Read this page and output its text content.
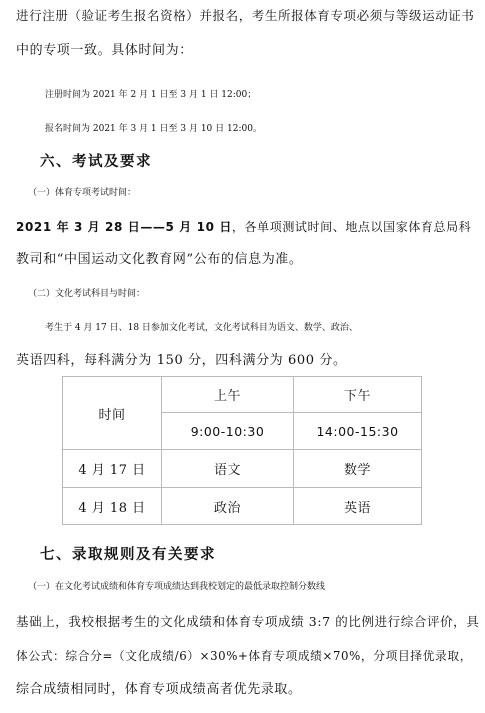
进行注册（验证考生报名资格）并报名，考生所报体育专项必须与等级运动证书
中的专项一致。具体时间为：
注册时间为 2021 年 2 月 1 日至 3 月 1 日 12:00；
报名时间为 2021 年 3 月 1 日至 3 月 10 日 12:00。
六、考试及要求
（一）体育专项考试时间：
2021 年 3 月 28 日——5 月 10 日，各单项测试时间、地点以国家体育总局科
教司和“中国运动文化教育网”公布的信息为准。
（二）文化考试科目与时间：
考生于 4 月 17 日、18 日参加文化考试，文化考试科目为语文、数学、政治、
英语四科，每科满分为 150 分，四科满分为 600 分。
时间	上午	下午
	9:00-10:30	14:00-15:30
4 月 17 日	语文	数学
4 月 18 日	政治	英语
七、录取规则及有关要求
（一）在文化考试成绩和体育专项成绩达到我校划定的最低录取控制分数线
基础上，我校根据考生的文化成绩和体育专项成绩 3:7 的比例进行综合评价，具
体公式：综合分=（文化成绩/6）×30%+体育专项成绩×70%，分项目择优录取，
综合成绩相同时，体育专项成绩高者优先录取。
